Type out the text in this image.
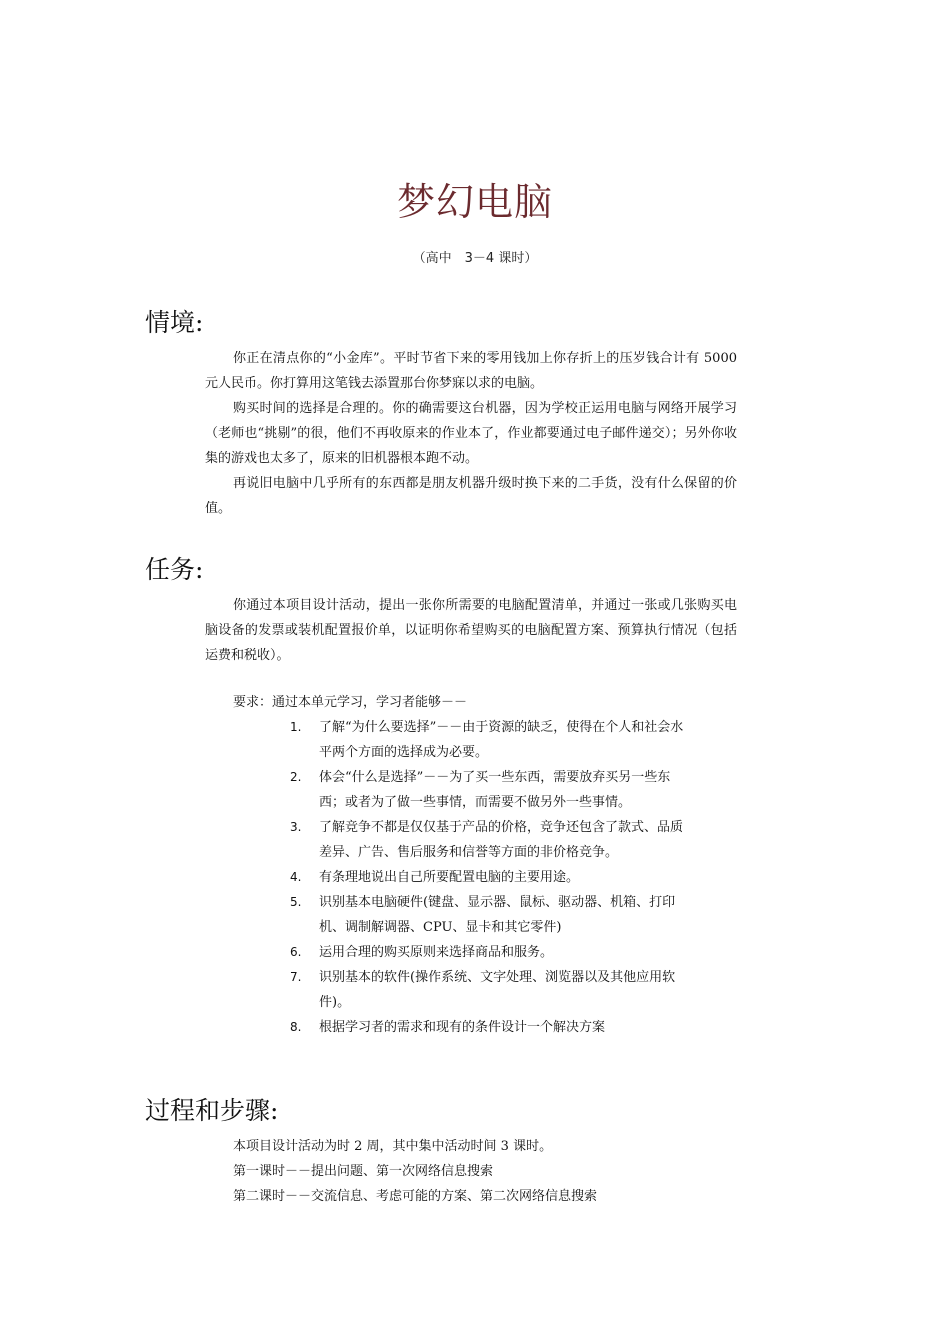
梦幻电脑
（高中　3－4 课时）
情境:
你正在清点你的“小金库”。平时节省下来的零用钱加上你存折上的压岁钱合计有 5000 元人民币。你打算用这笔钱去添置那台你梦寐以求的电脑。
购买时间的选择是合理的。你的确需要这台机器，因为学校正运用电脑与网络开展学习（老师也“挑剔”的很，他们不再收原来的作业本了，作业都要通过电子邮件递交）；另外你收集的游戏也太多了，原来的旧机器根本跑不动。
再说旧电脑中几乎所有的东西都是朋友机器升级时换下来的二手货，没有什么保留的价值。
任务:
你通过本项目设计活动，提出一张你所需要的电脑配置清单，并通过一张或几张购买电脑设备的发票或装机配置报价单，以证明你希望购买的电脑配置方案、预算执行情况（包括运费和税收）。
要求：通过本单元学习，学习者能够－－
1. 了解“为什么要选择”－－由于资源的缺乏，使得在个人和社会水平两个方面的选择成为必要。
2. 体会“什么是选择”－－为了买一些东西，需要放弃买另一些东西；或者为了做一些事情，而需要不做另外一些事情。
3. 了解竞争不都是仅仅基于产品的价格，竞争还包含了款式、品质差异、广告、售后服务和信誉等方面的非价格竞争。
4. 有条理地说出自己所要配置电脑的主要用途。
5. 识别基本电脑硬件(键盘、显示器、鼠标、驱动器、机箱、打印机、调制解调器、CPU、显卡和其它零件)
6. 运用合理的购买原则来选择商品和服务。
7. 识别基本的软件(操作系统、文字处理、浏览器以及其他应用软件)。
8. 根据学习者的需求和现有的条件设计一个解决方案
过程和步骤:
本项目设计活动为时 2 周，其中集中活动时间 3 课时。
第一课时－－提出问题、第一次网络信息搜索
第二课时－－交流信息、考虑可能的方案、第二次网络信息搜索
